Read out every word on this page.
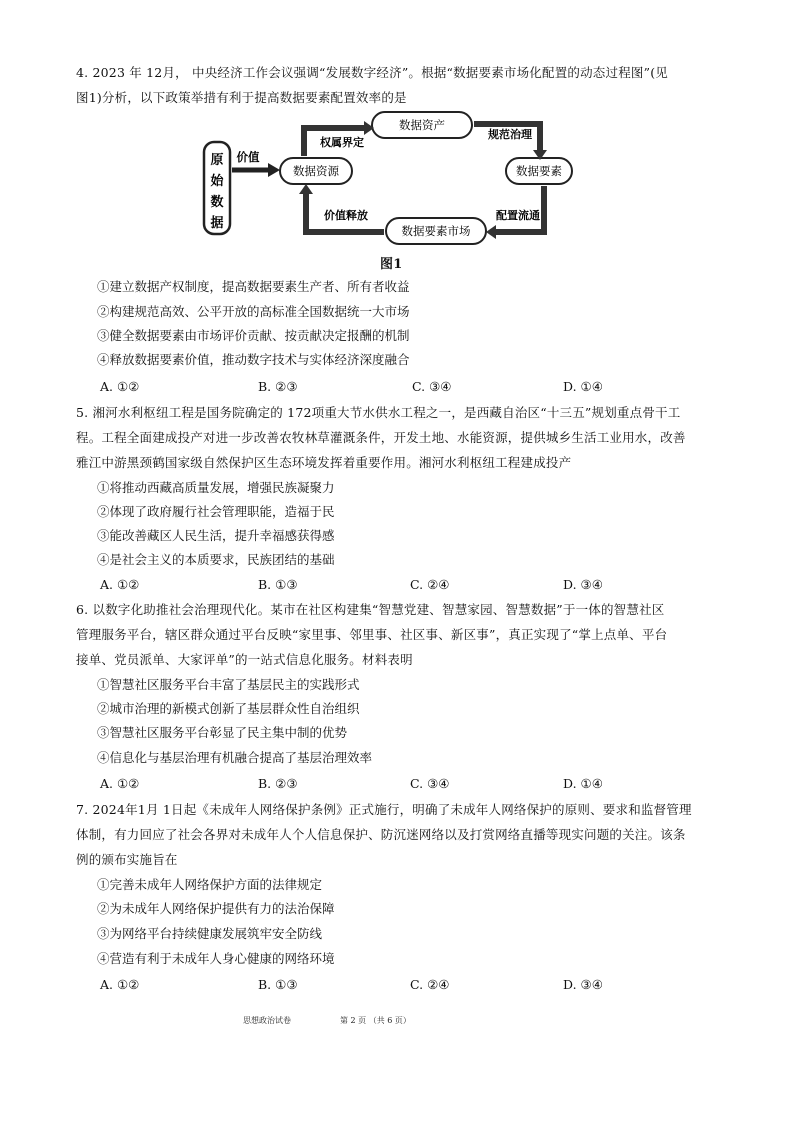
4. 2023 年 12月， 中央经济工作会议强调“发展数字经济”。根据“数据要素市场化配置的动态过程图”(见
图1)分析，以下政策举措有利于提高数据要素配置效率的是
原
始
数
据
价值
数据资源
数据资产
数据要素
数据要素市场
权属界定
规范治理
配置流通
价值释放
图1
①建立数据产权制度，提高数据要素生产者、所有者收益
②构建规范高效、公平开放的高标准全国数据统一大市场
③健全数据要素由市场评价贡献、按贡献决定报酬的机制
④释放数据要素价值，推动数字技术与实体经济深度融合
A. ①②	B. ②③	C. ③④	D. ①④
5. 湘河水利枢纽工程是国务院确定的 172项重大节水供水工程之一，是西藏自治区“十三五”规划重点骨干工
程。工程全面建成投产对进一步改善农牧林草灌溉条件，开发土地、水能资源，提供城乡生活工业用水，改善
雅江中游黑颈鹤国家级自然保护区生态环境发挥着重要作用。湘河水利枢纽工程建成投产
①将推动西藏高质量发展，增强民族凝聚力
②体现了政府履行社会管理职能，造福于民
③能改善藏区人民生活，提升幸福感获得感
④是社会主义的本质要求，民族团结的基础
A. ①②	B. ①③	C. ②④	D. ③④
6. 以数字化助推社会治理现代化。某市在社区构建集“智慧党建、智慧家园、智慧数据”于一体的智慧社区
管理服务平台，辖区群众通过平台反映“家里事、邻里事、社区事、新区事”，真正实现了“掌上点单、平台
接单、党员派单、大家评单”的一站式信息化服务。材料表明
①智慧社区服务平台丰富了基层民主的实践形式
②城市治理的新模式创新了基层群众性自治组织
③智慧社区服务平台彰显了民主集中制的优势
④信息化与基层治理有机融合提高了基层治理效率
A. ①②	B. ②③	C. ③④	D. ①④
7. 2024年1月 1日起《未成年人网络保护条例》正式施行，明确了未成年人网络保护的原则、要求和监督管理
体制，有力回应了社会各界对未成年人个人信息保护、防沉迷网络以及打赏网络直播等现实问题的关注。该条
例的颁布实施旨在
①完善未成年人网络保护方面的法律规定
②为未成年人网络保护提供有力的法治保障
③为网络平台持续健康发展筑牢安全防线
④营造有利于未成年人身心健康的网络环境
A. ①②	B. ①③	C. ②④	D. ③④
思想政治试卷	第 2 页 （共 6 页）
